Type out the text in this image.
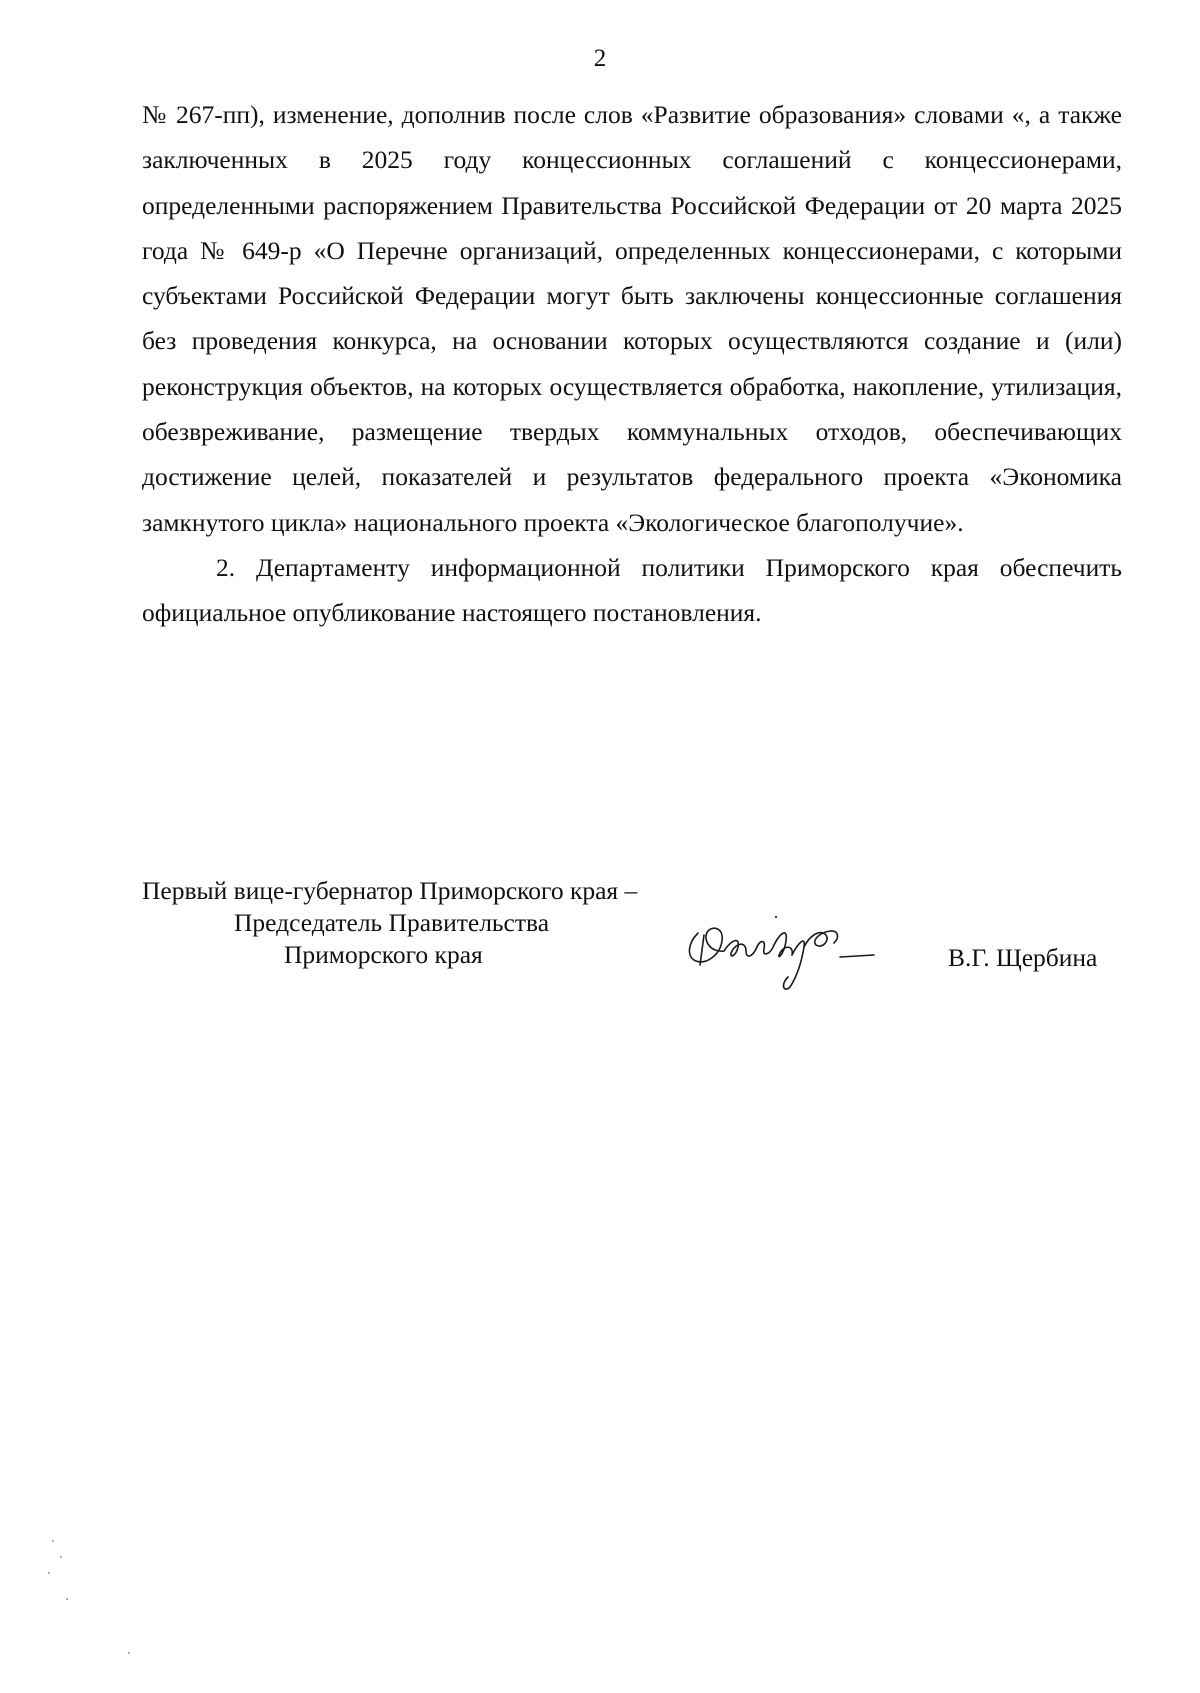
2

№ 267-пп), изменение, дополнив после слов «Развитие образования» словами «, а также заключенных в 2025 году концессионных соглашений с концессионерами, определенными распоряжением Правительства Российской Федерации от 20 марта 2025 года № 649-р «О Перечне организаций, определенных концессионерами, с которыми субъектами Российской Федерации могут быть заключены концессионные соглашения без проведения конкурса, на основании которых осуществляются создание и (или) реконструкция объектов, на которых осуществляется обработка, накопление, утилизация, обезвреживание, размещение твердых коммунальных отходов, обеспечивающих достижение целей, показателей и результатов федерального проекта «Экономика замкнутого цикла» национального проекта «Экологическое благополучие».

2. Департаменту информационной политики Приморского края обеспечить официальное опубликование настоящего постановления.

Первый вице-губернатор Приморского края –
Председатель Правительства
Приморского края	В.Г. Щербина
